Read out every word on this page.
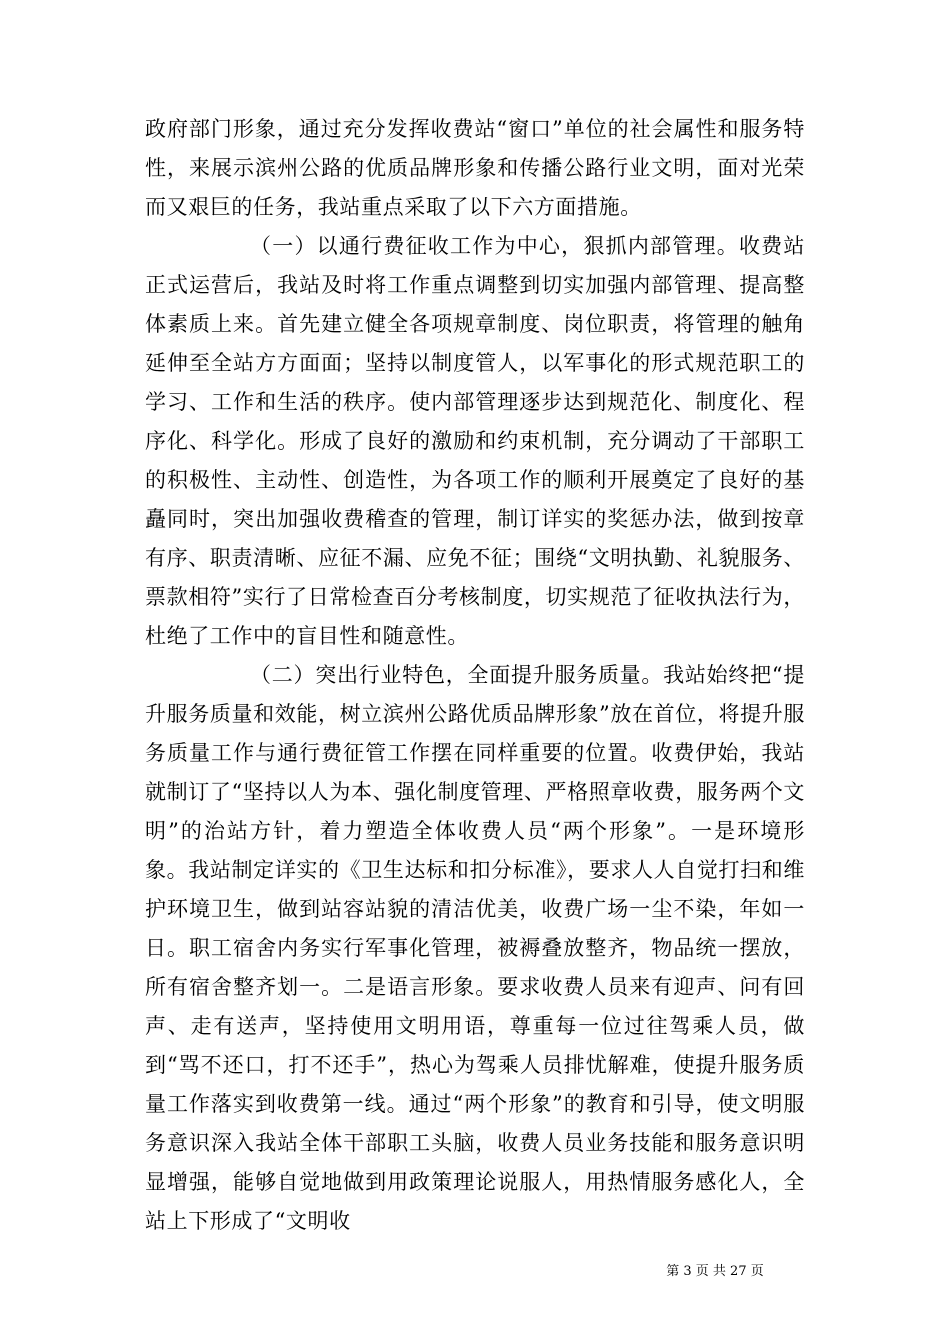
政府部门形象，通过充分发挥收费站“窗口”单位的社会属性和服务特性，来展示滨州公路的优质品牌形象和传播公路行业文明，面对光荣而又艰巨的任务，我站重点采取了以下六方面措施。

（一）以通行费征收工作为中心，狠抓内部管理。收费站正式运营后，我站及时将工作重点调整到切实加强内部管理、提高整体素质上来。首先建立健全各项规章制度、岗位职责，将管理的触角延伸至全站方方面面；坚持以制度管人，以军事化的形式规范职工的学习、工作和生活的秩序。使内部管理逐步达到规范化、制度化、程序化、科学化。形成了良好的激励和约束机制，充分调动了干部职工的积极性、主动性、创造性，为各项工作的顺利开展奠定了良好的基矗同时，突出加强收费稽查的管理，制订详实的奖惩办法，做到按章有序、职责清晰、应征不漏、应免不征；围绕“文明执勤、礼貌服务、票款相符”实行了日常检查百分考核制度，切实规范了征收执法行为，杜绝了工作中的盲目性和随意性。

（二）突出行业特色，全面提升服务质量。我站始终把“提升服务质量和效能，树立滨州公路优质品牌形象”放在首位，将提升服务质量工作与通行费征管工作摆在同样重要的位置。收费伊始，我站就制订了“坚持以人为本、强化制度管理、严格照章收费，服务两个文明”的治站方针，着力塑造全体收费人员“两个形象”。一是环境形象。我站制定详实的《卫生达标和扣分标准》，要求人人自觉打扫和维护环境卫生，做到站容站貌的清洁优美，收费广场一尘不染，年如一日。职工宿舍内务实行军事化管理，被褥叠放整齐，物品统一摆放，所有宿舍整齐划一。二是语言形象。要求收费人员来有迎声、问有回声、走有送声，坚持使用文明用语，尊重每一位过往驾乘人员，做到“骂不还口，打不还手”，热心为驾乘人员排忧解难，使提升服务质量工作落实到收费第一线。通过“两个形象”的教育和引导，使文明服务意识深入我站全体干部职工头脑，收费人员业务技能和服务意识明显增强，能够自觉地做到用政策理论说服人，用热情服务感化人，全站上下形成了“文明收

第 3 页 共 27 页
